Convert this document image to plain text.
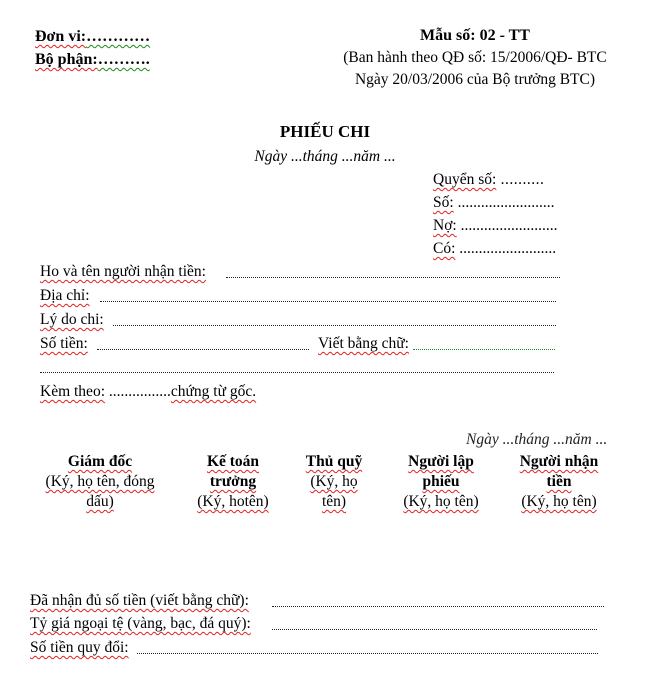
Đơn vi:…………
Bộ phận:……….
Mẫu số: 02 - TT
(Ban hành theo QĐ số: 15/2006/QĐ- BTC
Ngày 20/03/2006 của Bộ trưởng BTC)
PHIẾU CHI
Ngày ...tháng ...năm ...
Quyển số: ..........
Số: .........................
Nợ: .........................
Có: .........................
Ho và tên người nhận tiền:
Địa chỉ:
Lý do chi:
Số tiền:	Viết bằng chữ:
Kèm theo: ................chứng từ gốc.
Ngày ...tháng ...năm ...
Giám đốc
(Ký, họ tên, đóng dấu)
Kế toán trưởng
(Ký, hotên)
Thủ quỹ
(Ký, họ tên)
Người lập phiếu
(Ký, họ tên)
Người nhận tiền
(Ký, họ tên)
Đã nhận đủ số tiền (viết bằng chữ):
Tỷ giá ngoại tệ (vàng, bạc, đá quý):
Số tiền quy đổi:
